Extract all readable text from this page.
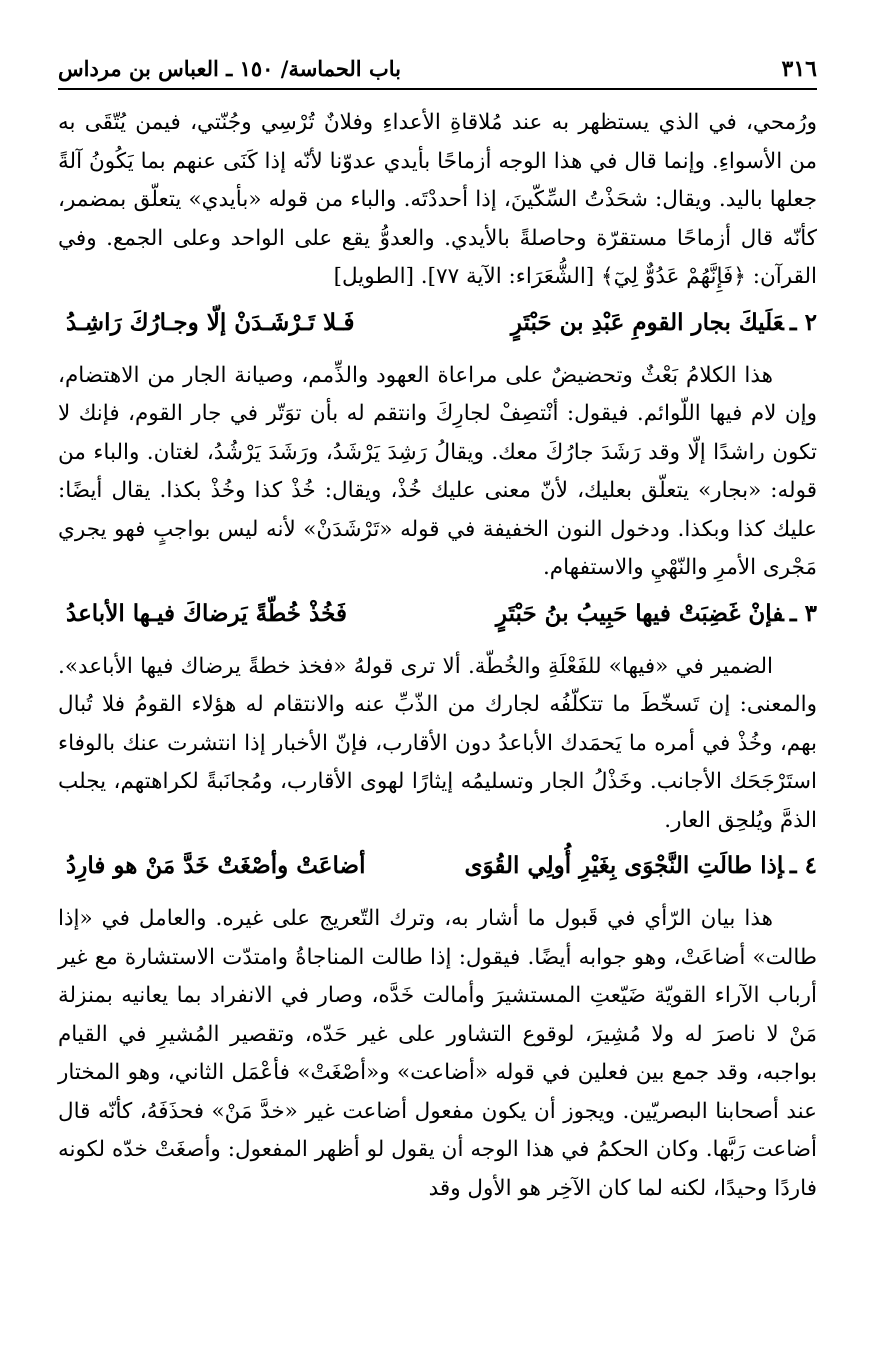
٣١٦
باب الحماسة/ ١٥٠ ـ العباس بن مرداس

ورُمحي، في الذي يستظهر به عند مُلاقاةِ الأعداءِ وفلانٌ تُرْسِي وجُنّتي، فيمن يُتّقَى به من الأسواءِ. وإنما قال في هذا الوجه أزماحًا بأيدي عدوّنا لأنّه إذا كَنَى عنهم بما يَكُونُ آلةً جعلها باليد. ويقال: شحَذْتُ السِّكّينَ، إذا أحددْتَه. والباء من قوله «بأيدي» يتعلّق بمضمر، كأنّه قال أزماحًا مستقرّة وحاصلةً بالأيدي. والعدوُّ يقع على الواحد وعلى الجمع. وفي القرآن: ﴿فَإِنَّهُمْ عَدُوٌّ لِيٓ﴾ [الشُّعَرَاء: الآية ٧٧]. [الطويل]

٢ ـعَلَيكَ بجار القومِ عَبْدِ بن حَبْتَرٍ
فَـلا تَـرْشَـدَنْ إلّا وجـارُكَ رَاشِـدُ

هذا الكلامُ بَعْثٌ وتحضيضٌ على مراعاة العهود والذِّمم، وصيانة الجار من الاهتضام، وإن لام فيها اللّوائم. فيقول: أنْتصِفْ لجارِكَ وانتقم له بأن توَتّر في جار القوم، فإنك لا تكون راشدًا إلّا وقد رَشَدَ جارُكَ معك. ويقالُ رَشِدَ يَرْشَدُ، ورَشَدَ يَرْشُدُ، لغتان. والباء من قوله: «بجار» يتعلّق بعليك، لأنّ معنى عليك خُذْ، ويقال: خُذْ كذا وخُذْ بكذا. يقال أيضًا: عليك كذا وبكذا. ودخول النون الخفيفة في قوله «تَرْشَدَنْ» لأنه ليس بواجبٍ فهو يجري مَجْرى الأمرِ والنّهْيِ والاستفهام.

٣ ـفإنْ غَضِبَتْ فيها حَبِيبُ بنُ حَبْتَرٍ
فَخُذْ خُطّةً يَرضاكَ فيـها الأباعدُ

الضمير في «فيها» للفَعْلَةِ والخُطّة. ألا ترى قولهُ «فخذ خطةً يرضاك فيها الأباعد». والمعنى: إن تَسخّطَ ما تتكلّفُه لجارك من الذّبِّ عنه والانتقام له هؤلاء القومُ فلا تُبال بهم، وخُذْ في أمره ما يَحمَدك الأباعدُ دون الأقارب، فإنّ الأخبار إذا انتشرت عنك بالوفاء استَرْجَحَك الأجانب. وخَذْلُ الجار وتسليمُه إيثارًا لهوى الأقارب، ومُجانَبةً لكراهتهم، يجلب الذمَّ ويُلحِق العار.

٤ ـإذا طالَتِ النَّجْوَى بِغَيْرِ أُولِي القُوَى
أضاعَتْ وأصْغَتْ خَدَّ مَنْ هو فارِدُ

هذا بيان الرّأي في قَبول ما أشار به، وترك التّعريج على غيره. والعامل في «إذا طالت» أضاعَتْ، وهو جوابه أيضًا. فيقول: إذا طالت المناجاةُ وامتدّت الاستشارة مع غير أرباب الآراء القويّة ضَيّعتِ المستشيرَ وأمالت خَدَّه، وصار في الانفراد بما يعانيه بمنزلة مَنْ لا ناصرَ له ولا مُشِيرَ، لوقوع التشاور على غير حَدّه، وتقصير المُشيرِ في القيام بواجبه، وقد جمع بين فعلين في قوله «أضاعت» و«أصْغَتْ» فأعْمَل الثاني، وهو المختار عند أصحابنا البصريّين. ويجوز أن يكون مفعول أضاعت غير «خدَّ مَنْ» فحذَفَهُ، كأنّه قال أضاعت رَبَّها. وكان الحكمُ في هذا الوجه أن يقول لو أظهر المفعول: وأصغَتْ خدّه لكونه فاردًا وحيدًا، لكنه لما كان الآخِر هو الأول وقد
